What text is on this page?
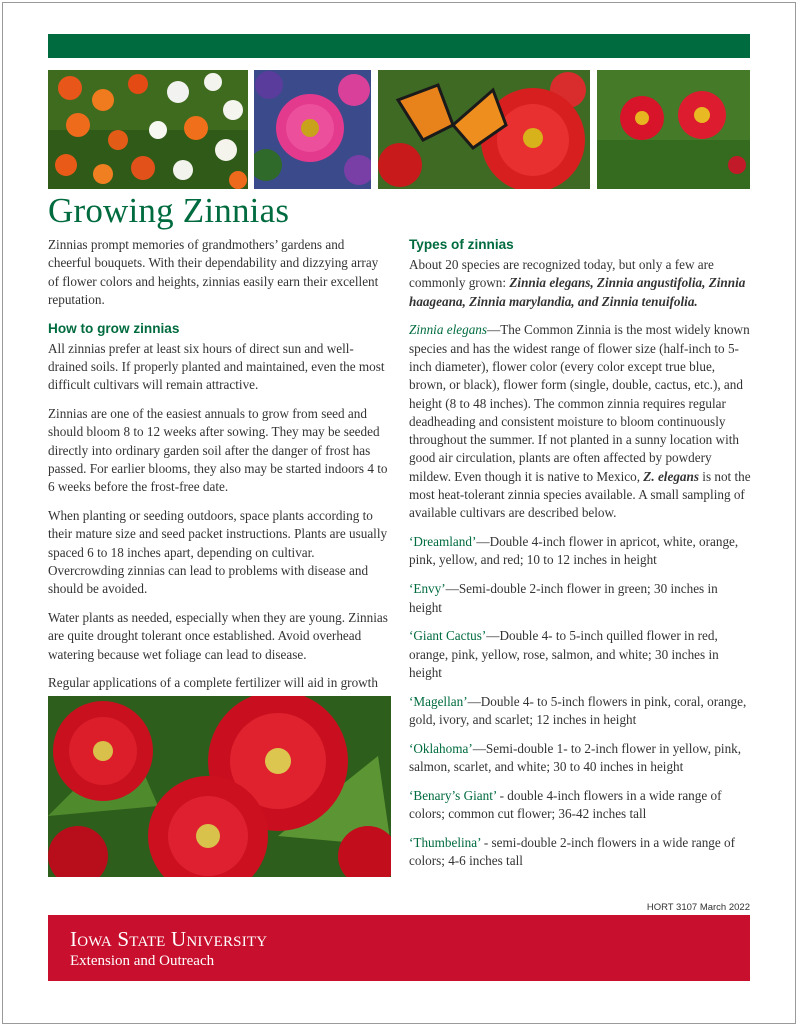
Growing Zinnias

Zinnias prompt memories of grandmothers’ gardens and cheerful bouquets. With their dependability and dizzying array of flower colors and heights, zinnias easily earn their excellent reputation.

How to grow zinnias

All zinnias prefer at least six hours of direct sun and well-drained soils. If properly planted and maintained, even the most difficult cultivars will remain attractive.

Zinnias are one of the easiest annuals to grow from seed and should bloom 8 to 12 weeks after sowing. They may be seeded directly into ordinary garden soil after the danger of frost has passed. For earlier blooms, they also may be started indoors 4 to 6 weeks before the frost-free date.

When planting or seeding outdoors, space plants according to their mature size and seed packet instructions. Plants are usually spaced 6 to 18 inches apart, depending on cultivar. Overcrowding zinnias can lead to problems with disease and should be avoided.

Water plants as needed, especially when they are young. Zinnias are quite drought tolerant once established. Avoid overhead watering because wet foliage can lead to disease.

Regular applications of a complete fertilizer will aid in growth

Types of zinnias

About 20 species are recognized today, but only a few are commonly grown: Zinnia elegans, Zinnia angustifolia, Zinnia haageana, Zinnia marylandia, and Zinnia tenuifolia.

Zinnia elegans—The Common Zinnia is the most widely known species and has the widest range of flower size (half-inch to 5-inch diameter), flower color (every color except true blue, brown, or black), flower form (single, double, cactus, etc.), and height (8 to 48 inches). The common zinnia requires regular deadheading and consistent moisture to bloom continuously throughout the summer. If not planted in a sunny location with good air circulation, plants are often affected by powdery mildew. Even though it is native to Mexico, Z. elegans is not the most heat-tolerant zinnia species available. A small sampling of available cultivars are described below.

‘Dreamland’—Double 4-inch flower in apricot, white, orange, pink, yellow, and red; 10 to 12 inches in height

‘Envy’—Semi-double 2-inch flower in green; 30 inches in height

‘Giant Cactus’—Double 4- to 5-inch quilled flower in red, orange, pink, yellow, rose, salmon, and white; 30 inches in height

‘Magellan’—Double 4- to 5-inch flowers in pink, coral, orange, gold, ivory, and scarlet; 12 inches in height

‘Oklahoma’—Semi-double 1- to 2-inch flower in yellow, pink, salmon, scarlet, and white; 30 to 40 inches in height

‘Benary’s Giant’ - double 4-inch flowers in a wide range of colors; common cut flower; 36-42 inches tall

‘Thumbelina’ - semi-double 2-inch flowers in a wide range of colors; 4-6 inches tall

HORT 3107 March 2022
Iowa State University
Extension and Outreach
